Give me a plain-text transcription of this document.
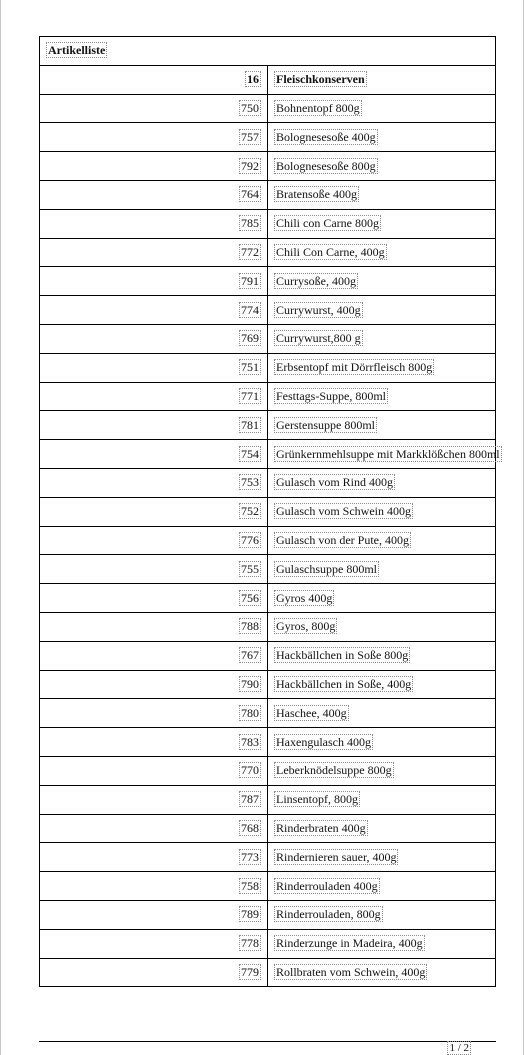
Artikelliste	
16	Fleischkonserven
750	Bohnentopf 800g
757	Bolognesesoße 400g
792	Bolognesesoße 800g
764	Bratensoße 400g
785	Chili con Carne 800g
772	Chili Con Carne, 400g
791	Currysoße, 400g
774	Currywurst, 400g
769	Currywurst,800 g
751	Erbsentopf mit Dörrfleisch 800g
771	Festtags-Suppe, 800ml
781	Gerstensuppe 800ml
754	Grünkernmehlsuppe mit Markklößchen 800ml
753	Gulasch vom Rind 400g
752	Gulasch vom Schwein 400g
776	Gulasch von der Pute, 400g
755	Gulaschsuppe 800ml
756	Gyros 400g
788	Gyros, 800g
767	Hackbällchen in Soße 800g
790	Hackbällchen in Soße, 400g
780	Haschee, 400g
783	Haxengulasch 400g
770	Leberknödelsuppe 800g
787	Linsentopf, 800g
768	Rinderbraten 400g
773	Rindernieren sauer, 400g
758	Rinderrouladen 400g
789	Rinderrouladen, 800g
778	Rinderzunge in Madeira, 400g
779	Rollbraten vom Schwein, 400g
1 / 2
